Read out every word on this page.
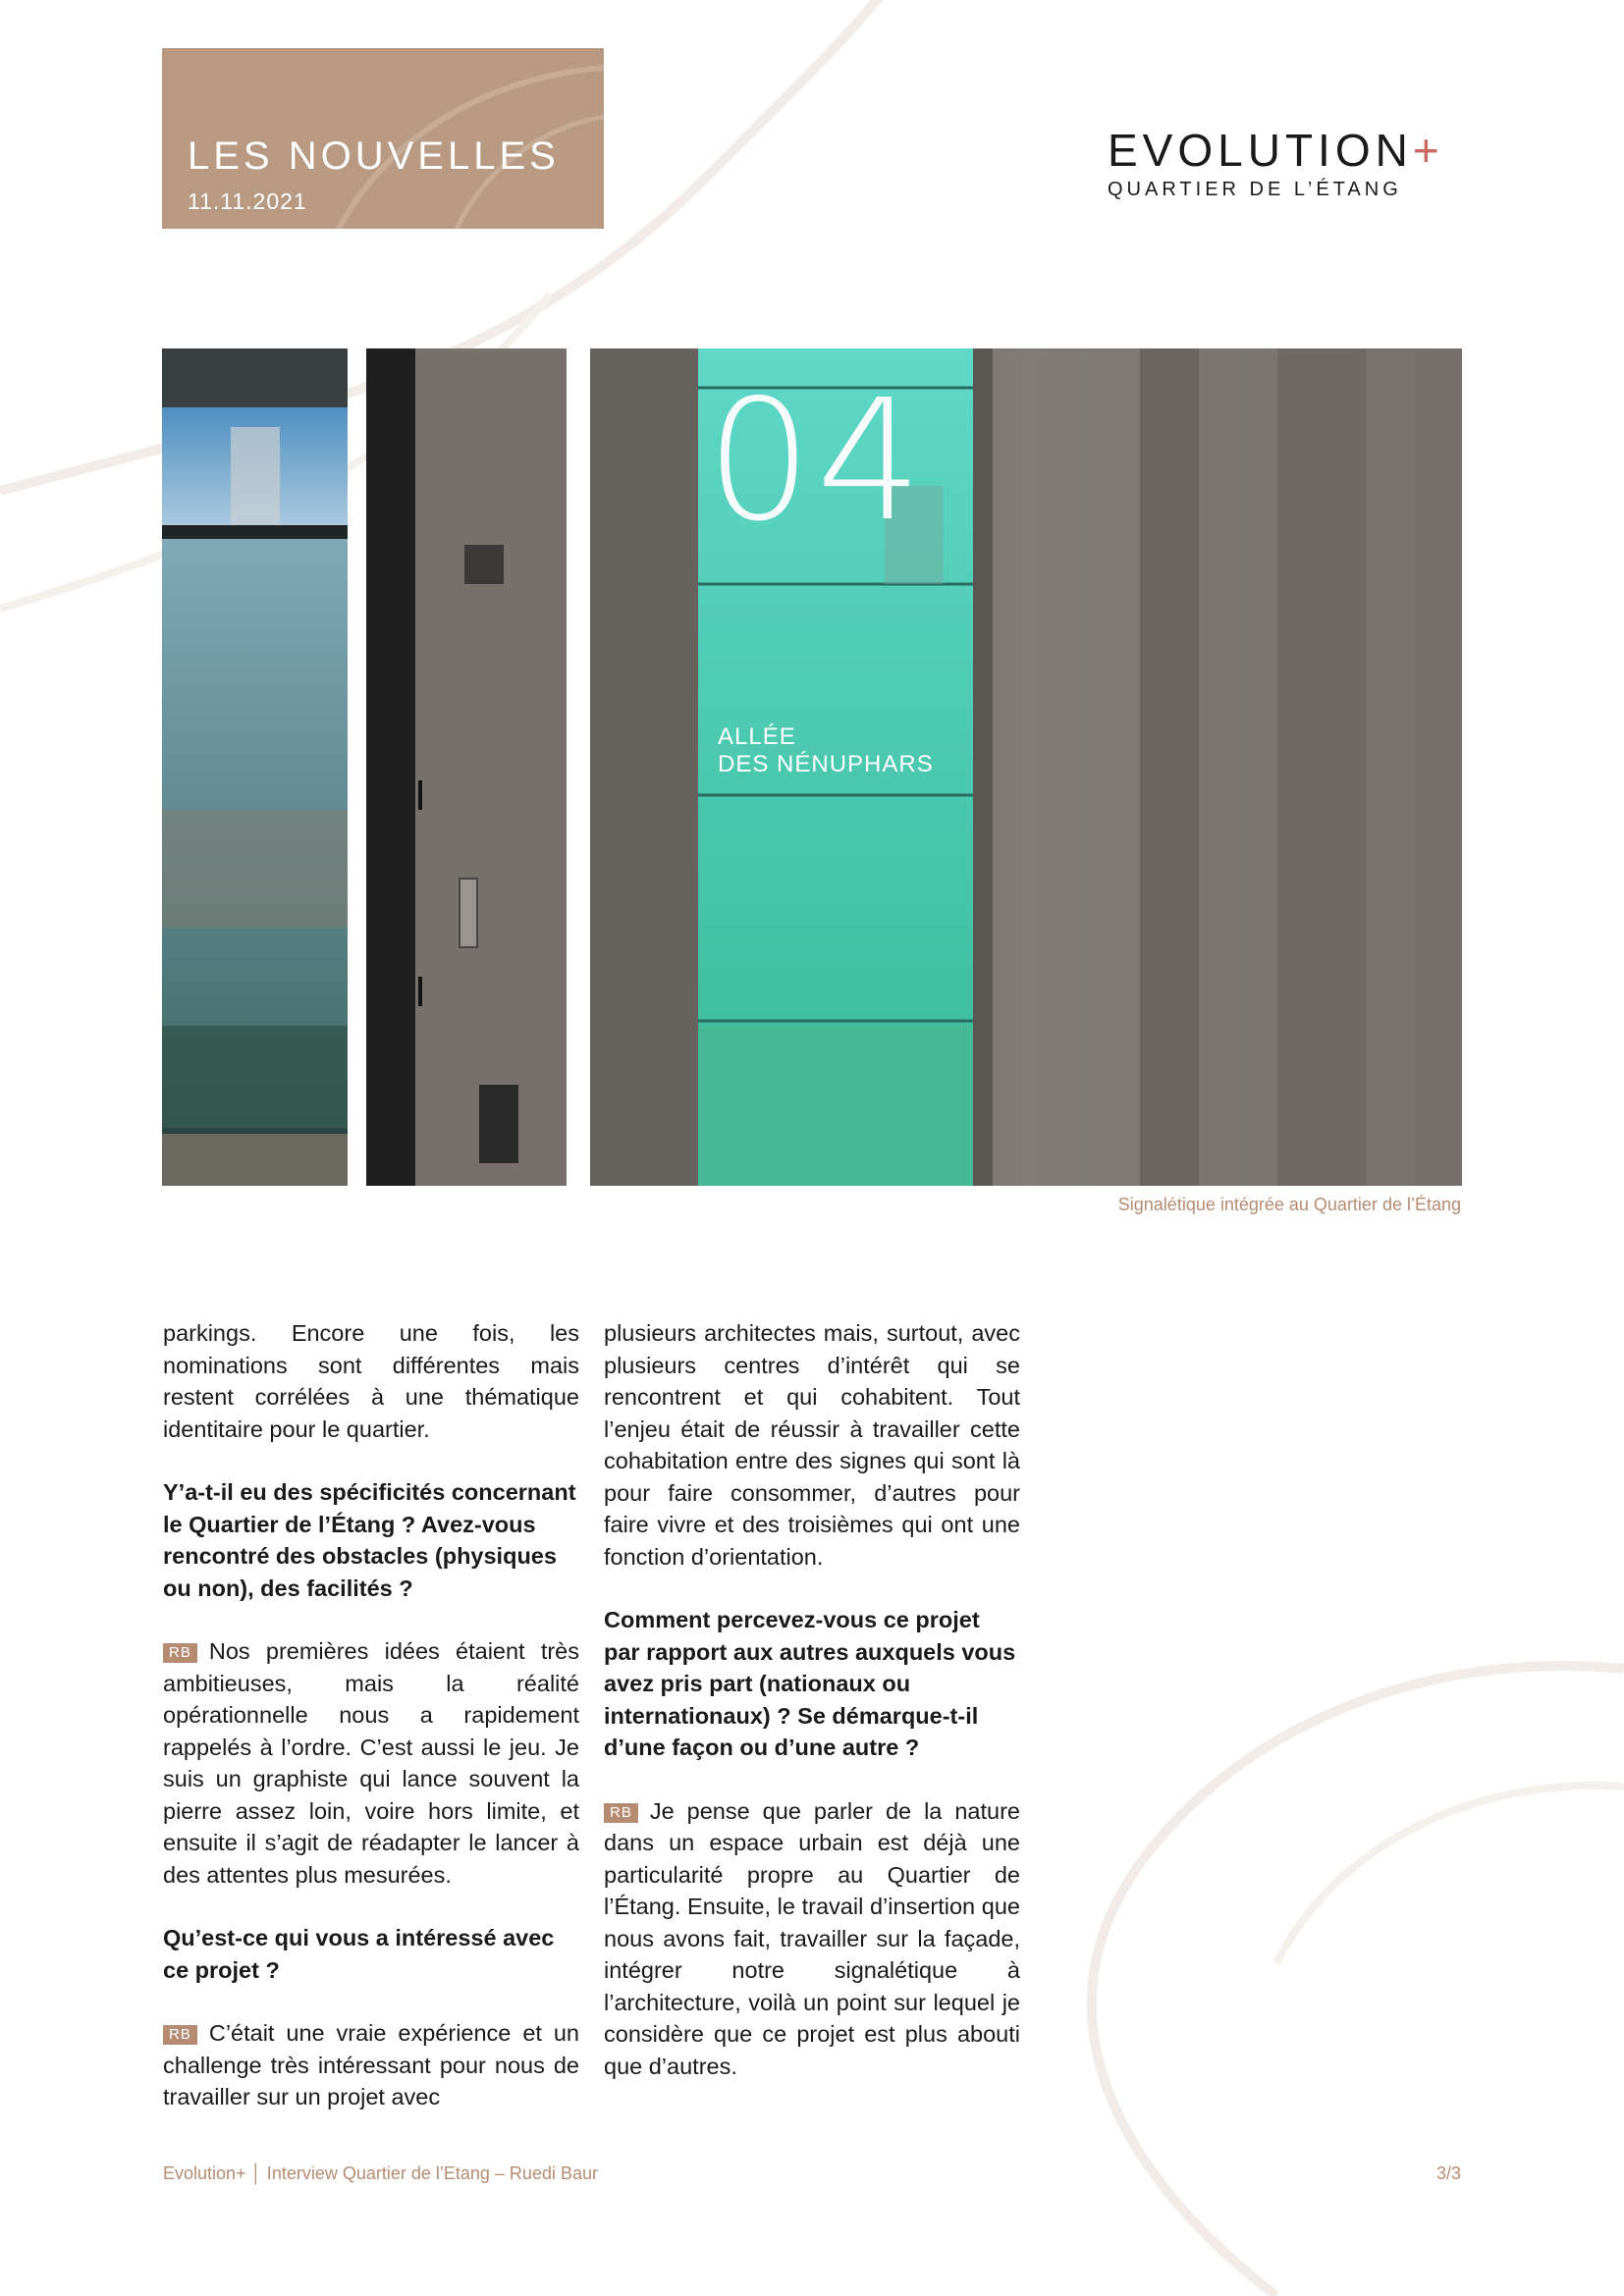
LES NOUVELLES
11.11.2021
EVOLUTION+
QUARTIER DE L’ÉTANG
04
ALLÉE
DES NÉNUPHARS
Signalétique intégrée au Quartier de l’Étang

parkings. Encore une fois, les nominations sont différentes mais restent corrélées à une thématique identitaire pour le quartier.

Y’a-t-il eu des spécificités concernant le Quartier de l’Étang ? Avez-vous rencontré des obstacles (physiques ou non), des facilités ?

RB Nos premières idées étaient très ambitieuses, mais la réalité opérationnelle nous a rapidement rappelés à l’ordre. C’est aussi le jeu. Je suis un graphiste qui lance souvent la pierre assez loin, voire hors limite, et ensuite il s’agit de réadapter le lancer à des attentes plus mesurées.

Qu’est-ce qui vous a intéressé avec ce projet ?

RB C’était une vraie expérience et un challenge très intéressant pour nous de travailler sur un projet avec

plusieurs architectes mais, surtout, avec plusieurs centres d’intérêt qui se rencontrent et qui cohabitent. Tout l’enjeu était de réussir à travailler cette cohabitation entre des signes qui sont là pour faire consommer, d’autres pour faire vivre et des troisièmes qui ont une fonction d’orientation.

Comment percevez-vous ce projet par rapport aux autres auxquels vous avez pris part (nationaux ou internationaux) ? Se démarque-t-il d’une façon ou d’une autre ?

RB Je pense que parler de la nature dans un espace urbain est déjà une particularité propre au Quartier de l’Étang. Ensuite, le travail d’insertion que nous avons fait, travailler sur la façade, intégrer notre signalétique à l’architecture, voilà un point sur lequel je considère que ce projet est plus abouti que d’autres.

Evolution+ │ Interview Quartier de l’Etang – Ruedi Baur	3/3
